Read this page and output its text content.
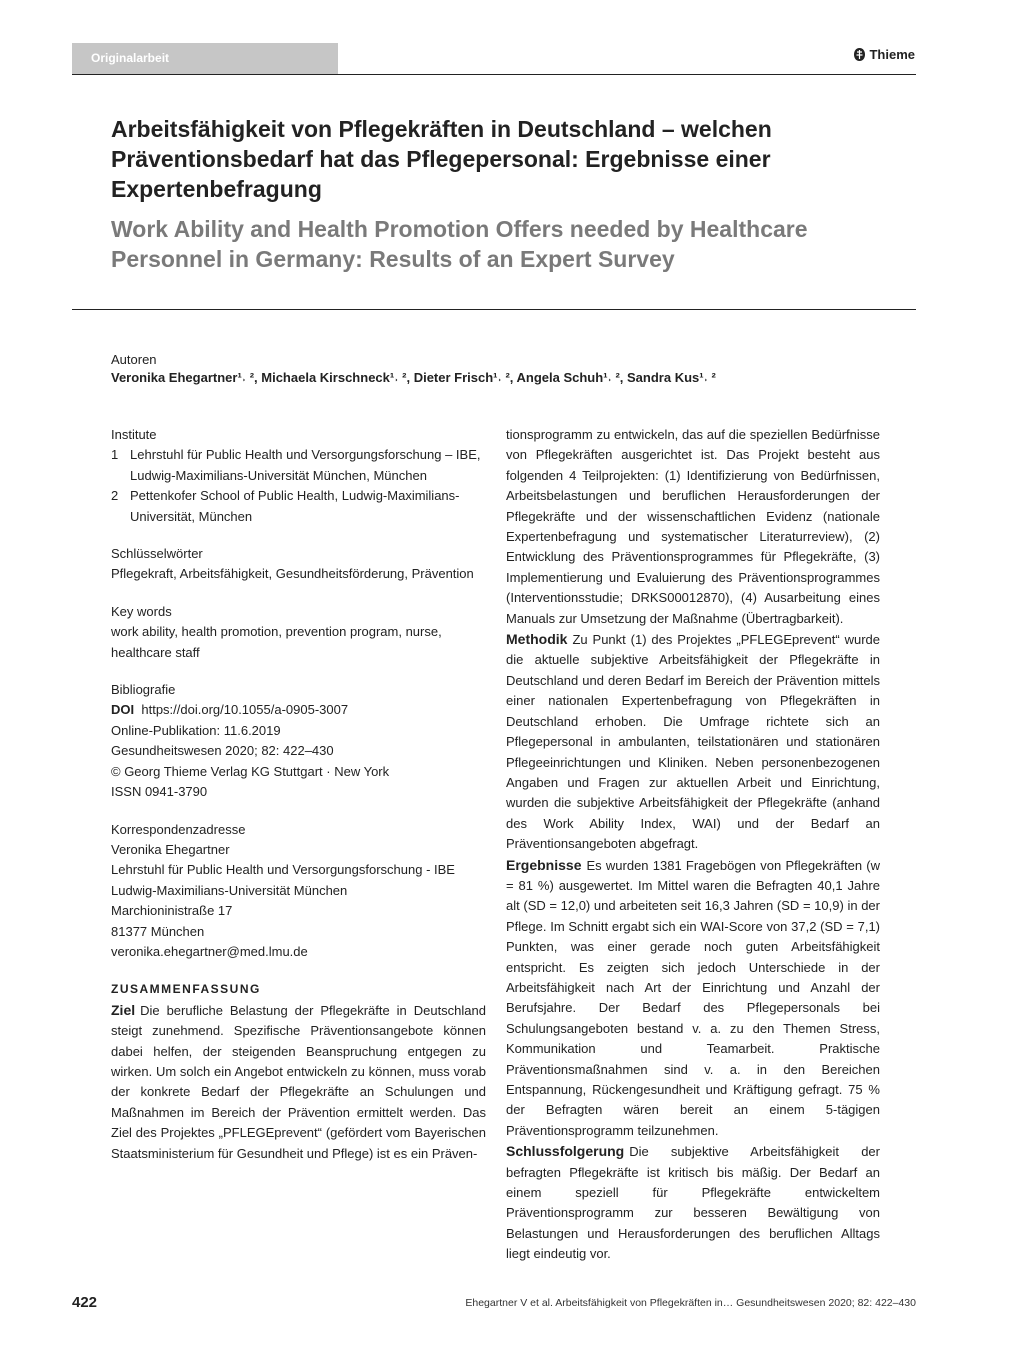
Originalarbeit	Thieme
Arbeitsfähigkeit von Pflegekräften in Deutschland – welchen Präventionsbedarf hat das Pflegepersonal: Ergebnisse einer Expertenbefragung
Work Ability and Health Promotion Offers needed by Healthcare Personnel in Germany: Results of an Expert Survey
Autoren
Veronika Ehegartner¹˒ ², Michaela Kirschneck¹˒ ², Dieter Frisch¹˒ ², Angela Schuh¹˒ ², Sandra Kus¹˒ ²

Institute

1 Lehrstuhl für Public Health und Versorgungsforschung – IBE, Ludwig-Maximilians-Universität München, München
2 Pettenkofer School of Public Health, Ludwig-Maximilians-Universität, München

Schlüsselwörter

Pflegekraft, Arbeitsfähigkeit, Gesundheitsförderung, Prävention

Key words

work ability, health promotion, prevention program, nurse, healthcare staff

Bibliografie

DOI https://doi.org/10.1055/a-0905-3007

Online-Publikation: 11.6.2019

Gesundheitswesen 2020; 82: 422–430

© Georg Thieme Verlag KG Stuttgart · New York

ISSN 0941-3790

Korrespondenzadresse

Veronika Ehegartner

Lehrstuhl für Public Health und Versorgungsforschung - IBE

Ludwig-Maximilians-Universität München

Marchioninistraße 17

81377 München

veronika.ehegartner@med.lmu.de

ZUSAMMENFASSUNG

Ziel Die berufliche Belastung der Pflegekräfte in Deutschland steigt zunehmend. Spezifische Präventionsangebote können dabei helfen, der steigenden Beanspruchung entgegen zu wirken. Um solch ein Angebot entwickeln zu können, muss vorab der konkrete Bedarf der Pflegekräfte an Schulungen und Maßnahmen im Bereich der Prävention ermittelt werden. Das Ziel des Projektes „PFLEGEprevent“ (gefördert vom Bayerischen Staatsministerium für Gesundheit und Pflege) ist es ein Präven-

tionsprogramm zu entwickeln, das auf die speziellen Bedürfnisse von Pflegekräften ausgerichtet ist. Das Projekt besteht aus folgenden 4 Teilprojekten: (1) Identifizierung von Bedürfnissen, Arbeitsbelastungen und beruflichen Herausforderungen der Pflegekräfte und der wissenschaftlichen Evidenz (nationale Expertenbefragung und systematischer Literaturreview), (2) Entwicklung des Präventionsprogrammes für Pflegekräfte, (3) Implementierung und Evaluierung des Präventionsprogrammes (Interventionsstudie; DRKS00012870), (4) Ausarbeitung eines Manuals zur Umsetzung der Maßnahme (Übertragbarkeit).

Methodik Zu Punkt (1) des Projektes „PFLEGEprevent“ wurde die aktuelle subjektive Arbeitsfähigkeit der Pflegekräfte in Deutschland und deren Bedarf im Bereich der Prävention mittels einer nationalen Expertenbefragung von Pflegekräften in Deutschland erhoben. Die Umfrage richtete sich an Pflegepersonal in ambulanten, teilstationären und stationären Pflegeeinrichtungen und Kliniken. Neben personenbezogenen Angaben und Fragen zur aktuellen Arbeit und Einrichtung, wurden die subjektive Arbeitsfähigkeit der Pflegekräfte (anhand des Work Ability Index, WAI) und der Bedarf an Präventionsangeboten abgefragt.

Ergebnisse Es wurden 1381 Fragebögen von Pflegekräften (w = 81 %) ausgewertet. Im Mittel waren die Befragten 40,1 Jahre alt (SD = 12,0) und arbeiteten seit 16,3 Jahren (SD = 10,9) in der Pflege. Im Schnitt ergabt sich ein WAI-Score von 37,2 (SD = 7,1) Punkten, was einer gerade noch guten Arbeitsfähigkeit entspricht. Es zeigten sich jedoch Unterschiede in der Arbeitsfähigkeit nach Art der Einrichtung und Anzahl der Berufsjahre. Der Bedarf des Pflegepersonals bei Schulungsangeboten bestand v. a. zu den Themen Stress, Kommunikation und Teamarbeit. Praktische Präventionsmaßnahmen sind v. a. in den Bereichen Entspannung, Rückengesundheit und Kräftigung gefragt. 75 % der Befragten wären bereit an einem 5-tägigen Präventionsprogramm teilzunehmen.

Schlussfolgerung Die subjektive Arbeitsfähigkeit der befragten Pflegekräfte ist kritisch bis mäßig. Der Bedarf an einem speziell für Pflegekräfte entwickeltem Präventionsprogramm zur besseren Bewältigung von Belastungen und Herausforderungen des beruflichen Alltags liegt eindeutig vor.

422	Ehegartner V et al. Arbeitsfähigkeit von Pflegekräften in… Gesundheitswesen 2020; 82: 422–430
